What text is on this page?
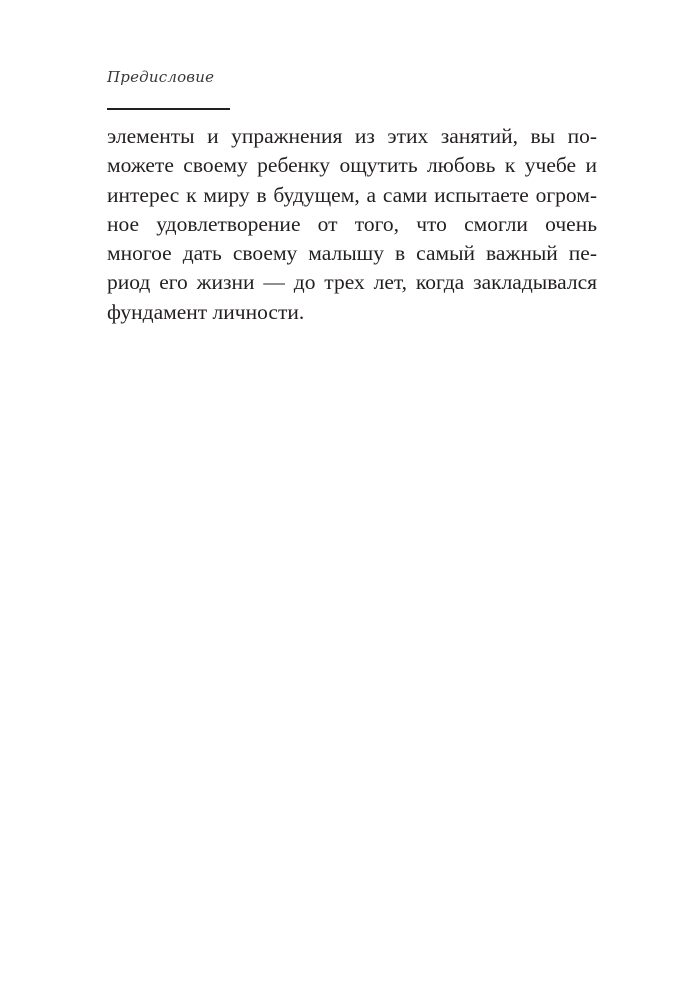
Предисловие
элементы и упражнения из этих занятий, вы по-
можете своему ребенку ощутить любовь к учебе и
интерес к миру в будущем, а сами испытаете огром-
ное удовлетворение от того, что смогли очень
многое дать своему малышу в самый важный пе-
риод его жизни — до трех лет, когда закладывался
фундамент личности.
